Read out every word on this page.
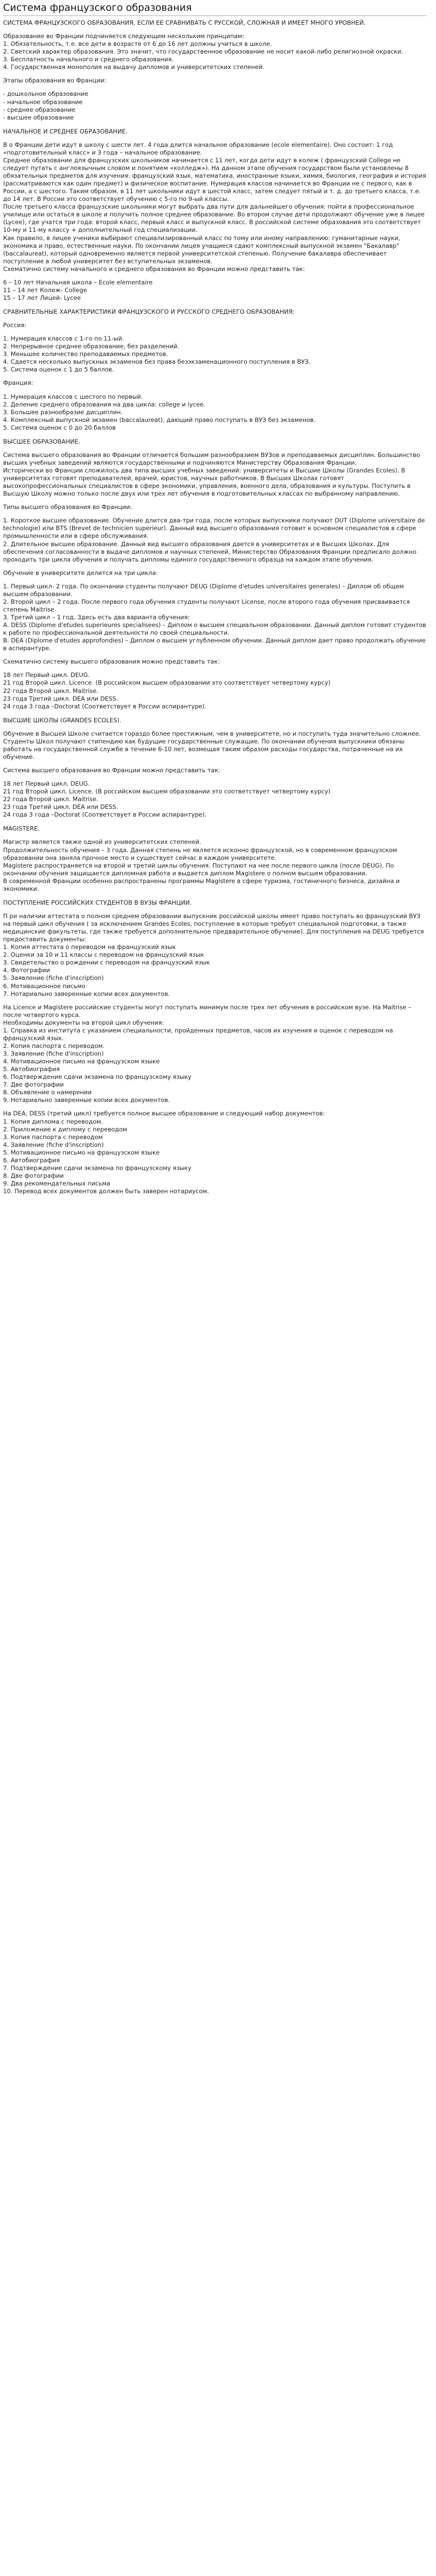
Система французского образования
СИСТЕМА ФРАНЦУЗСКОГО ОБРАЗОВАНИЯ, ЕСЛИ ЕЕ СРАВНИВАТЬ С РУССКОЙ, СЛОЖНАЯ И ИМЕЕТ МНОГО УРОВНЕЙ.
Образование во Франции подчиняется следующим нескольким принципам:
1. Обязательность, т.е. все дети в возрасте от 6 до 16 лет должны учиться в школе.
2. Светский характер образования. Это значит, что государственное образование не носит какой-либо религиозной окраски.
3. Бесплатность начального и среднего образования.
4. Государственная монополия на выдачу дипломов и университетских степеней.
Этапы образования во Франции:
- дошкольное образование
- начальное образование
- среднее образование
- высшее образование
НАЧАЛЬНОЕ И СРЕДНЕЕ ОБРАЗОВАНИЕ.
В о Франции дети идут в школу с шести лет. 4 года длится начальное образование (ecole elementaire). Оно состоит: 1 год «подготовительный класс» и 3 года – начальное образование.
Среднее образование для французских школьников начинается с 11 лет, когда дети идут в колеж ( французский College не следует путать с англоязычным словом и понятием «колледж»). На данном этапе обучения государством были установлены 8 обязательных предметов для изучения: французский язык, математика, иностранные языки, химия, биология, география и история (рассматриваются как один предмет) и физическое воспитание. Нумерация классов начинается во Франции не с первого, как в России, а с шестого. Таким образом, в 11 лет школьники идут в шестой класс, затем следует пятый и т. д. до третьего класса, т.е. до 14 лет. В России это соответствует обучению с 5-го по 9-ый классы.
После третьего класса французские школьники могут выбрать два пути для дальнейшего обучения: пойти в профессиональное училище или остаться в школе и получить полное среднее образование. Во втором случае дети продолжают обучение уже в лицее (Lycee), где учатся три года: второй класс, первый класс и выпускной класс. В российской системе образования это соответствует 10-му и 11-му классу + дополнительный год специализации.
Как правило, в лицее ученики выбирают специализированный класс по тому или иному направлению: гуманитарные науки, экономика и право, естественные науки. По окончании лицея учащиеся сдают комплексный выпускной экзамен "Бакалавр" (baccalaureat), который одновременно является первой университетской степенью. Получение бакалавра обеспечивает поступление в любой университет без вступительных экзаменов.
Схематично систему начального и среднего образования во Франции можно представить так:
6 – 10 лет Начальная школа – Ecole elementaire
11 – 14 лет Колеж- College
15 – 17 лет Лицей- Lycee
СРАВНИТЕЛЬНЫЕ ХАРАКТЕРИСТИКИ ФРАНЦУЗСКОГО И РУССКОГО СРЕДНЕГО ОБРАЗОВАНИЯ:
Россия:
1. Нумерация классов с 1-го по 11-ый.
2. Непрерывное среднее образование, без разделений.
3. Меньшее количество преподаваемых предметов.
4. Сдается несколько выпускных экзаменов без права безэкзаменационного поступления в ВУЗ.
5. Система оценок с 1 до 5 баллов.
Франция:
1. Нумерация классов с шестого по первый.
2. Деление среднего образования на два цикла: college и lycee.
3. Большее разнообразие дисциплин.
4. Комплексный выпускной экзамен (baccalaureat), дающий право поступать в ВУЗ без экзаменов.
5. Система оценок с 0 до 20 баллов
ВЫСШЕЕ ОБРАЗОВАНИЕ.
Система высшего образования во Франции отличается большим разнообразием ВУЗов и преподаваемых дисциплин. Большинство высших учебных заведений являются государственными и подчиняются Министерству Образования Франции.
Исторически во Франции сложилось два типа высших учебных заведений: университеты и Высшие Школы (Grandes Ecoles). В университетах готовят преподавателей, врачей, юристов, научных работников. В Высших Школах готовят высокопрофессиональных специалистов в сфере экономики, управления, военного дела, образования и культуры. Поступить в Высшую Школу можно только после двух или трех лет обучения в подготовительных классах по выбранному направлению.
Типы высшего образования во Франции:
1. Короткое высшее образование. Обучение длится два-три года, после которых выпускники получают DUT (Diplome universitaire de technologie) или BTS (Brevet de technicien superieur). Данный вид высшего образования готовит к основном специалистов в сфере промышленности или в сфере обслуживания.
2. Длительное высшее образование. Данный вид высшего образования дается в университетах и в Высших Школах. Для обеспечения согласованности в выдаче дипломов и научных степеней, Министерство Образования Франции предписало должно проходить три цикла обучения и получать дипломы единого государственного образца на каждом этапе обучения.
Обучение в университете делится на три цикла:
1. Первый цикл- 2 года. По окончании студенты получают DEUG (Diplome d'etudes universitaires generales) – Диплом об общем высшем образовании.
2. Второй цикл – 2 года. После первого года обучения студенты получают License, после второго года обучения присваивается степень Maitrise.
3. Третий цикл – 1 год. Здесь есть два варианта обучения:
A. DESS (Diplome d'etudes superieures specialisees) – Диплом о высшем специальном образовании. Данный диплом готовит студентов к работе по профессиональной деятельности по своей специальности.
B. DEA (Diplome d'etudes approfondies) – Диплом о высшем углубленном обучении. Данный диплом дает право продолжать обучение в аспирантуре.
Схематично систему высшего образования можно представить так:
18 лет Первый цикл. DEUG.
21 год Второй цикл. Licence. (В российском высшем образовании это соответствует четвертому курсу)
22 года Второй цикл. Maitrise.
23 года Третий цикл. DEA или DESS.
24 года 3 года –Doctorat (Соответствует в России аспирантуре).
ВЫСШИЕ ШКОЛЫ (GRANDES ECOLES).
Обучение в Высшей Школе считается гораздо более престижным, чем в университете, но и поступить туда значительно сложнее. Студенты Школ получают стипендию как будущие государственные служащие. По окончании обучения выпускники обязаны работать на государственной службе в течение 6-10 лет, возмещая таким образом расходы государства, потраченные на их обучение.
Система высшего образования во Франции можно представить так:
18 лет Первый цикл. DEUG.
21 год Второй цикл. Licence. (В российском высшем образовании это соответствует четвертому курсу)
22 года Второй цикл. Maitrise.
23 года Третий цикл. DEA или DESS.
24 года 3 года –Doctorat (Соответствует в России аспирантуре).
MAGISTERE.
Магистр является также одной из университетских степеней.
Продолжительность обучения – 3 года. Данная степень не является исконно французской, но в современном французском образовании она заняла прочное место и существует сейчас в каждом университете.
Magistere распространяется на второй и третий циклы обучения. Поступают на нее после первого цикла (после DEUG). По окончании обучения защищается дипломная работа и выдается диплом Magistere о полном высшем образовании.
В современной Франции особенно распространены программы Magistere в сфере туризма, гостиничного бизнеса, дизайна и экономики.
ПОСТУПЛЕНИЕ РОССИЙСКИХ СТУДЕНТОВ В ВУЗЫ ФРАНЦИИ.
П ри наличии аттестата о полном среднем образовании выпускник российской школы имеет право поступать во французский ВУЗ на первый цикл обучения ( за исключением Grandes Ecoles, поступление в которые требует специальной подготовки, а также медицинские факультеты, где также требуется дополнительное предварительное обучение). Для поступления на DEUG требуется предоставить документы:
1. Копия аттестата о переводом на французский язык
2. Оценки за 10 и 11 классы с переводом на французский язык
3. Свидетельство о рождении с переводом на французский язык
4. Фотографии
5. Заявление (fiche d'inscription)
6. Мотивационное письмо
7. Нотариально заверенные копии всех документов.
На Licence и Magistere российские студенты могут поступать минимум после трех лет обучения в российском вузе. На Maitrise – после четвертого курса.
Необходимы документы на второй цикл обучения:
1. Справка из института с указанием специальности, пройденных предметов, часов их изучения и оценок с переводом на французский язык.
2. Копия паспорта с переводом.
3. Заявление (fiche d'inscription)
4. Мотивационное письмо на французском языке
5. Автобиография
6. Подтверждение сдачи экзамена по французскому языку
7. Две фотографии
8. Объявление о намерении
9. Нотариально заверенные копии всех документов.
На DEA, DESS (третий цикл) требуется полное высшее образование и следующий набор документов:
1. Копия диплома с переводом.
2. Приложение к диплому с переводом
3. Копия паспорта с переводом
4. Заявление (fiche d'inscription)
5. Мотивационное письмо на французском языке
6. Автобиография
7. Подтверждение сдачи экзамена по французскому языку
8. Две фотографии
9. Два рекомендательных письма
10. Перевод всех документов должен быть заверен нотариусом.
